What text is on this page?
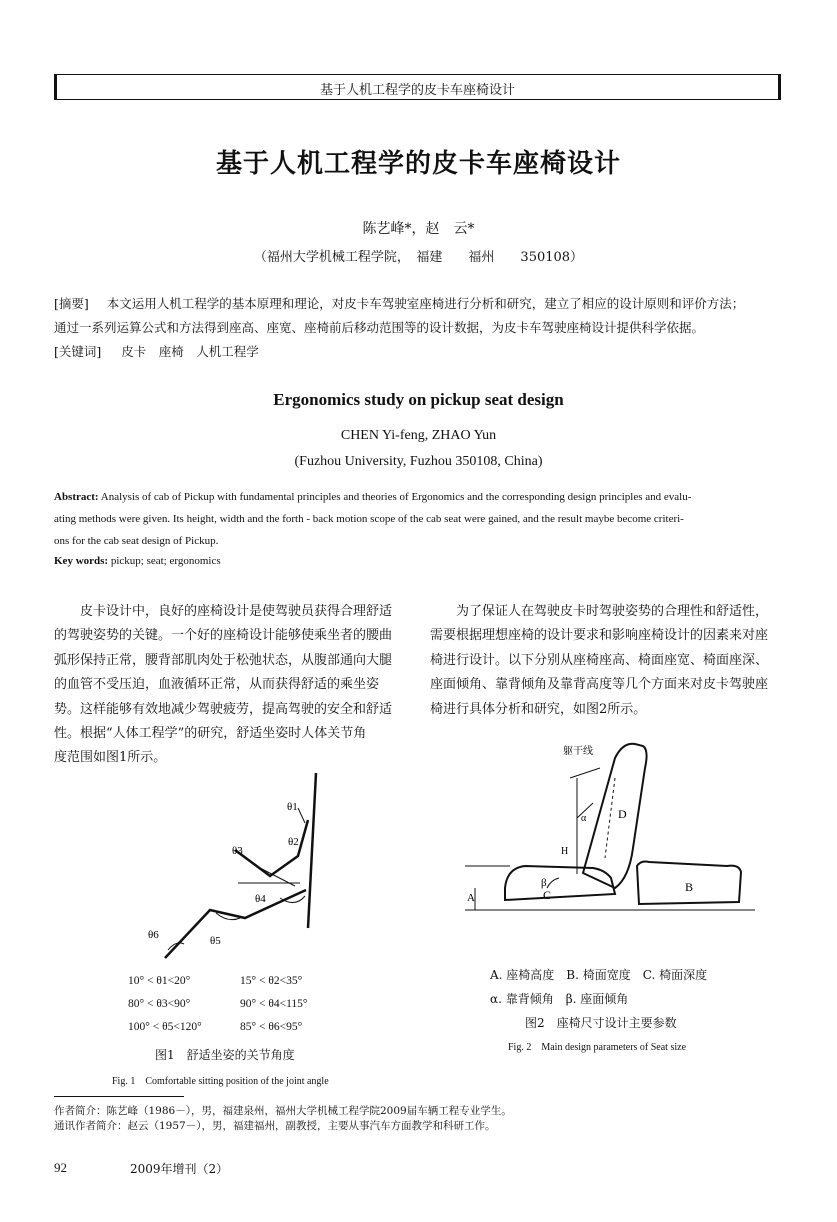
基于人机工程学的皮卡车座椅设计
基于人机工程学的皮卡车座椅设计
陈艺峰*，赵　云*
（福州大学机械工程学院，　福建　　福州　　350108）
[摘要] 本文运用人机工程学的基本原理和理论，对皮卡车驾驶室座椅进行分析和研究，建立了相应的设计原则和评价方法；
通过一系列运算公式和方法得到座高、座宽、座椅前后移动范围等的设计数据，为皮卡车驾驶座椅设计提供科学依据。
[关键词] 皮卡　座椅　人机工程学
Ergonomics study on pickup seat design
CHEN Yi-feng, ZHAO Yun
(Fuzhou University, Fuzhou 350108, China)
Abstract: Analysis of cab of Pickup with fundamental principles and theories of Ergonomics and the corresponding design principles and evalu-
ating methods were given. Its height, width and the forth - back motion scope of the cab seat were gained, and the result maybe become criteri-
ons for the cab seat design of Pickup.
Key words: pickup; seat; ergonomics
　　皮卡设计中，良好的座椅设计是使驾驶员获得合理舒适
的驾驶姿势的关键。一个好的座椅设计能够使乘坐者的腰曲
弧形保持正常，腰背部肌肉处于松弛状态，从腹部通向大腿
的血管不受压迫，血液循环正常，从而获得舒适的乘坐姿
势。这样能够有效地减少驾驶疲劳，提高驾驶的安全和舒适
性。根据“人体工程学”的研究，舒适坐姿时人体关节角
度范围如图1所示。
　　为了保证人在驾驶皮卡时驾驶姿势的合理性和舒适性，
需要根据理想座椅的设计要求和影响座椅设计的因素来对座
椅进行设计。以下分别从座椅座高、椅面座宽、椅面座深、
座面倾角、靠背倾角及靠背高度等几个方面来对皮卡驾驶座
椅进行具体分析和研究，如图2所示。
θ1
θ2
θ3
θ4
θ5
θ6
10° < θ1<20°	15° < θ2<35°
80° < θ3<90°	90° < θ4<115°
100° < θ5<120°	85° < θ6<95°
图1　舒适坐姿的关节角度
Fig. 1　Comfortable sitting position of the joint angle
躯干线
α
β
A
B
C
D
H
A. 座椅高度　B. 椅面宽度　C. 椅面深度
α. 靠背倾角　β. 座面倾角
图2　座椅尺寸设计主要参数
Fig. 2　Main design parameters of Seat size
作者简介：陈艺峰（1986－），男，福建泉州，福州大学机械工程学院2009届车辆工程专业学生。
通讯作者简介：赵云（1957－），男，福建福州，副教授，主要从事汽车方面教学和科研工作。
92	2009年增刊（2）
